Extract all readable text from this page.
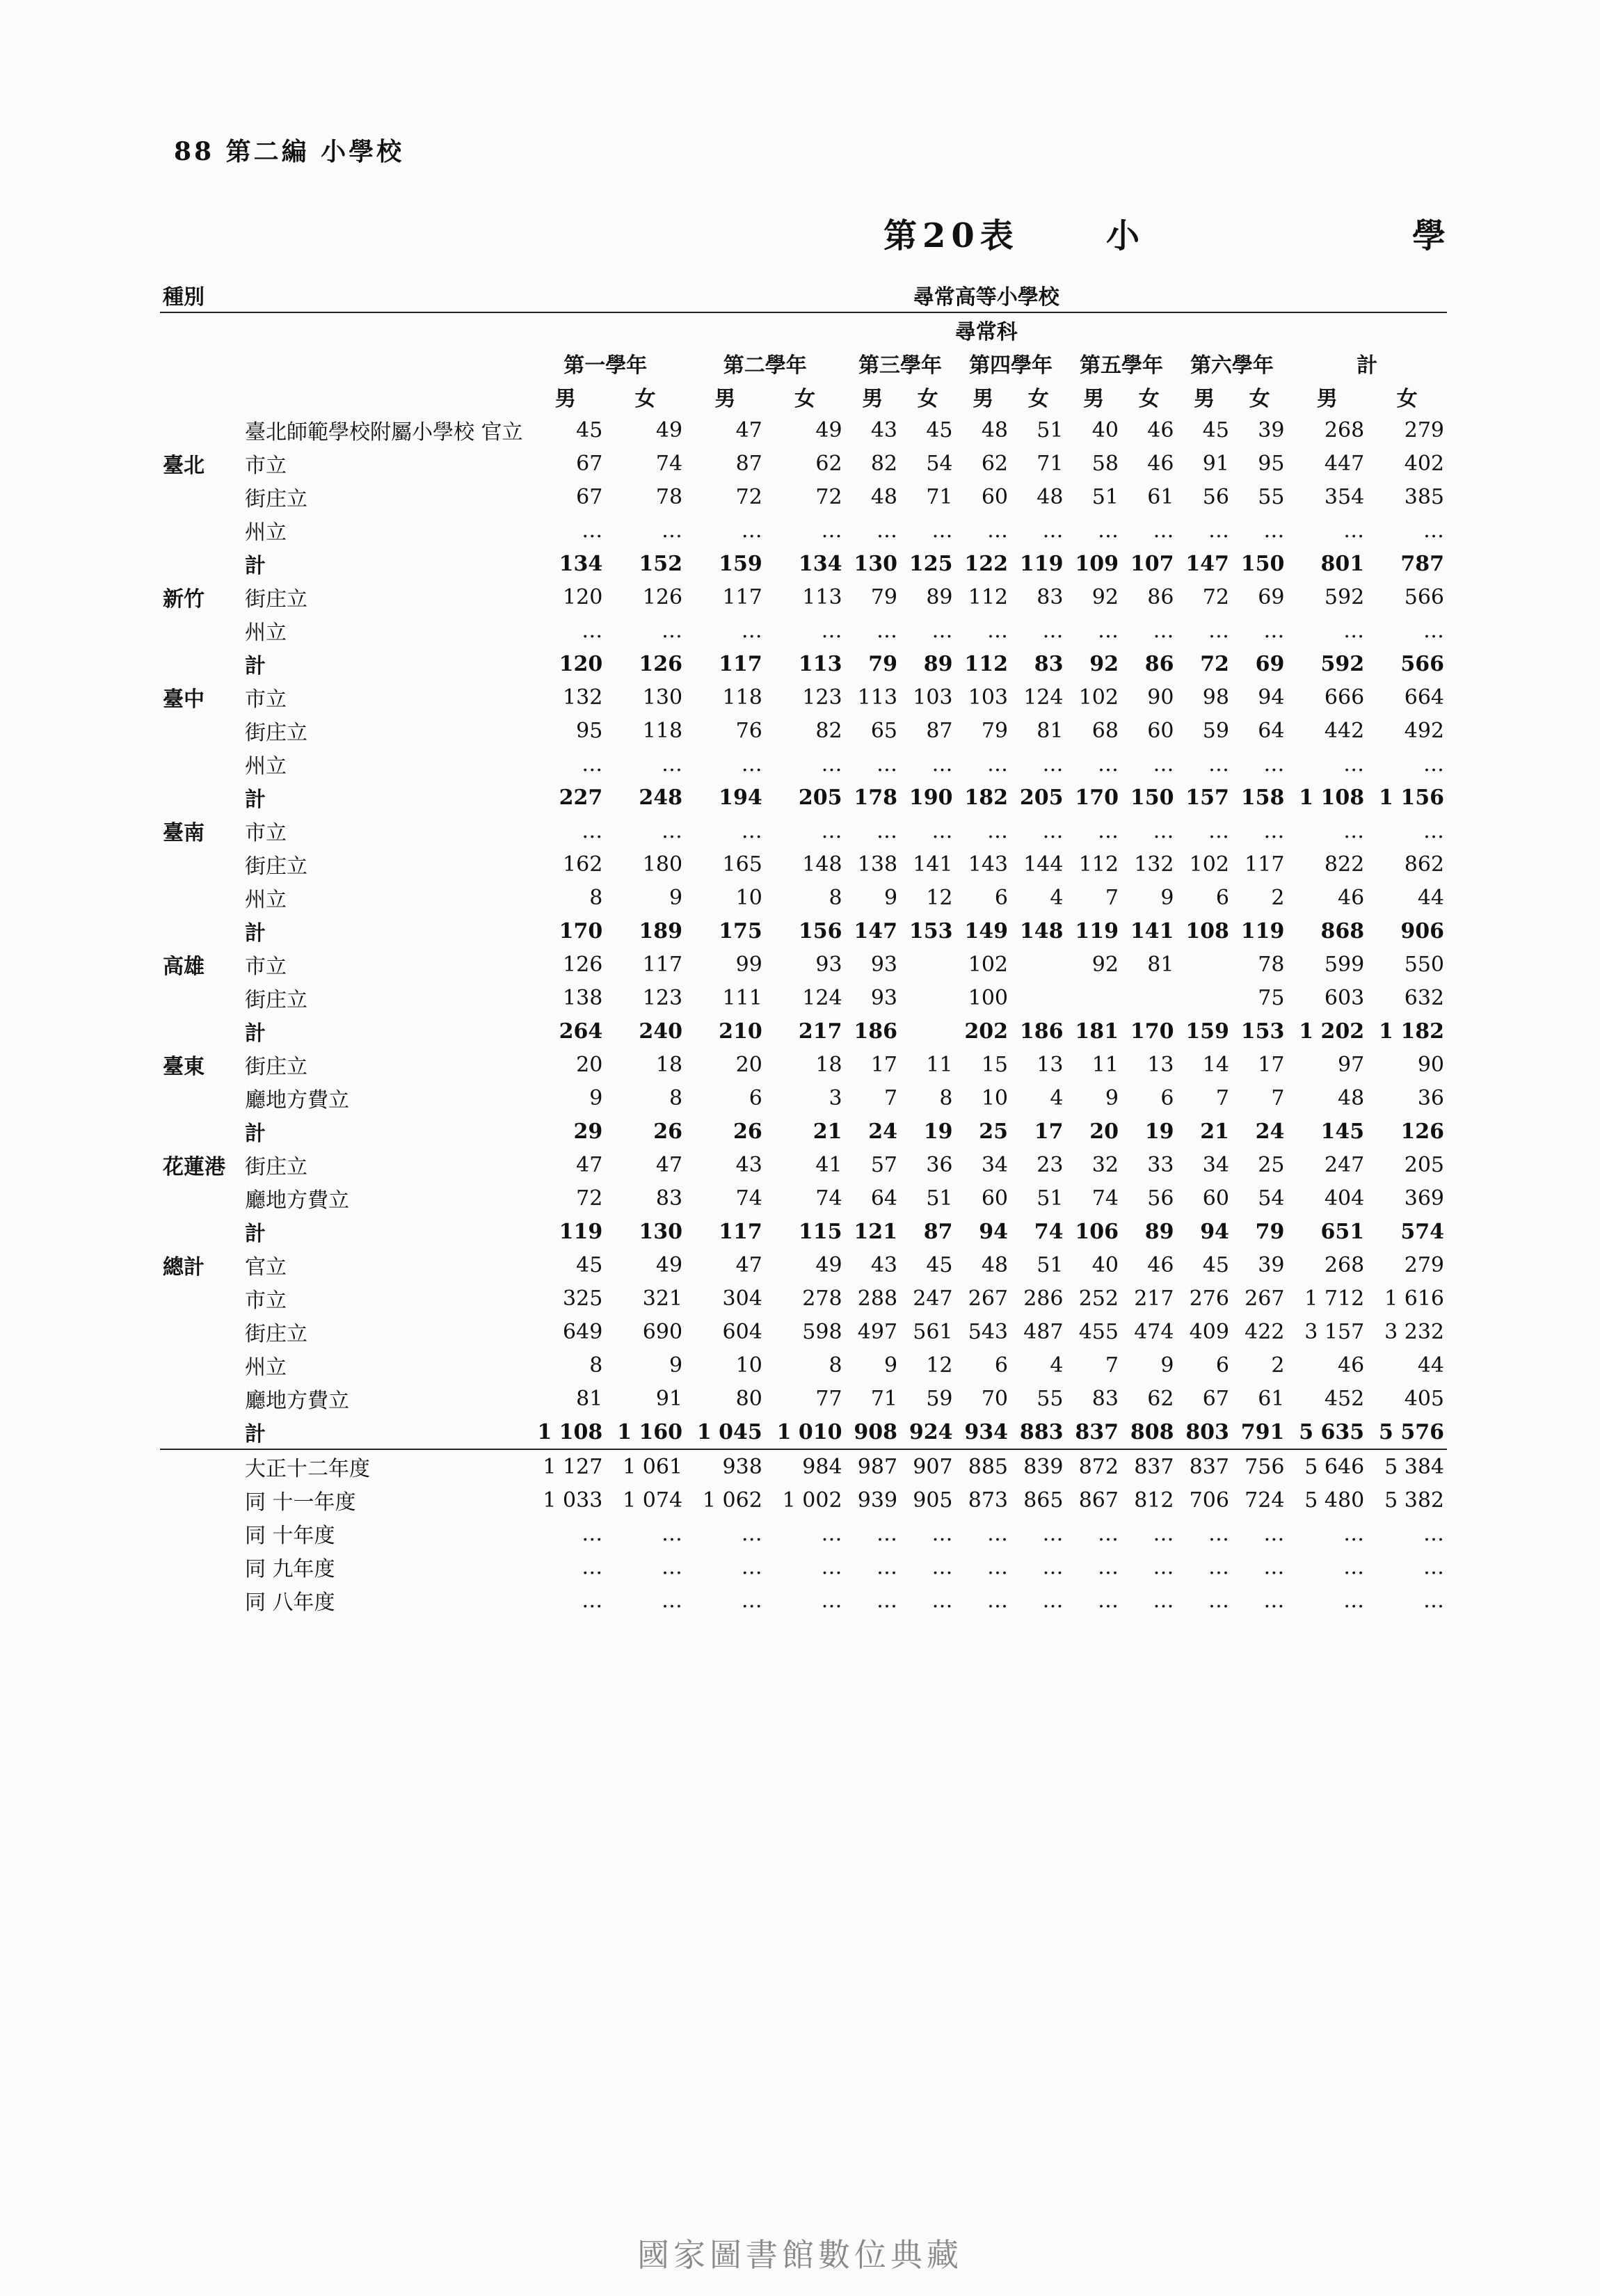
88 第二編 小學校
第20表	小	學
種別		尋常高等小學校													
		尋常科													
		第一學年		第二學年		第三學年		第四學年		第五學年		第六學年		計	
		男	女	男	女	男	女	男	女	男	女	男	女	男	女
	臺北師範學校附屬小學校 官立	45	49	47	49	43	45	48	51	40	46	45	39	268	279
臺北	市立	67	74	87	62	82	54	62	71	58	46	91	95	447	402
	街庄立	67	78	72	72	48	71	60	48	51	61	56	55	354	385
	州立	…	…	…	…	…	…	…	…	…	…	…	…	…	…
	計	134	152	159	134	130	125	122	119	109	107	147	150	801	787
新竹	街庄立	120	126	117	113	79	89	112	83	92	86	72	69	592	566
	州立	…	…	…	…	…	…	…	…	…	…	…	…	…	…
	計	120	126	117	113	79	89	112	83	92	86	72	69	592	566
臺中	市立	132	130	118	123	113	103	103	124	102	90	98	94	666	664
	街庄立	95	118	76	82	65	87	79	81	68	60	59	64	442	492
	州立	…	…	…	…	…	…	…	…	…	…	…	…	…	…
	計	227	248	194	205	178	190	182	205	170	150	157	158	1 108	1 156
臺南	市立	…	…	…	…	…	…	…	…	…	…	…	…	…	…
	街庄立	162	180	165	148	138	141	143	144	112	132	102	117	822	862
	州立	8	9	10	8	9	12	6	4	7	9	6	2	46	44
	計	170	189	175	156	147	153	149	148	119	141	108	119	868	906
高雄	市立	126	117	99	93	93		102		92	81		78	599	550
	街庄立	138	123	111	124	93		100					75	603	632
	計	264	240	210	217	186		202	186	181	170	159	153	1 202	1 182
臺東	街庄立	20	18	20	18	17	11	15	13	11	13	14	17	97	90
	廳地方費立	9	8	6	3	7	8	10	4	9	6	7	7	48	36
	計	29	26	26	21	24	19	25	17	20	19	21	24	145	126
花蓮港	街庄立	47	47	43	41	57	36	34	23	32	33	34	25	247	205
	廳地方費立	72	83	74	74	64	51	60	51	74	56	60	54	404	369
	計	119	130	117	115	121	87	94	74	106	89	94	79	651	574
總計	官立	45	49	47	49	43	45	48	51	40	46	45	39	268	279
	市立	325	321	304	278	288	247	267	286	252	217	276	267	1 712	1 616
	街庄立	649	690	604	598	497	561	543	487	455	474	409	422	3 157	3 232
	州立	8	9	10	8	9	12	6	4	7	9	6	2	46	44
	廳地方費立	81	91	80	77	71	59	70	55	83	62	67	61	452	405
	計	1 108	1 160	1 045	1 010	908	924	934	883	837	808	803	791	5 635	5 576
	大正十二年度	1 127	1 061	938	984	987	907	885	839	872	837	837	756	5 646	5 384
	同 十一年度	1 033	1 074	1 062	1 002	939	905	873	865	867	812	706	724	5 480	5 382
	同 十年度	…	…	…	…	…	…	…	…	…	…	…	…	…	…
	同 九年度	…	…	…	…	…	…	…	…	…	…	…	…	…	…
	同 八年度	…	…	…	…	…	…	…	…	…	…	…	…	…	…
國家圖書館數位典藏
